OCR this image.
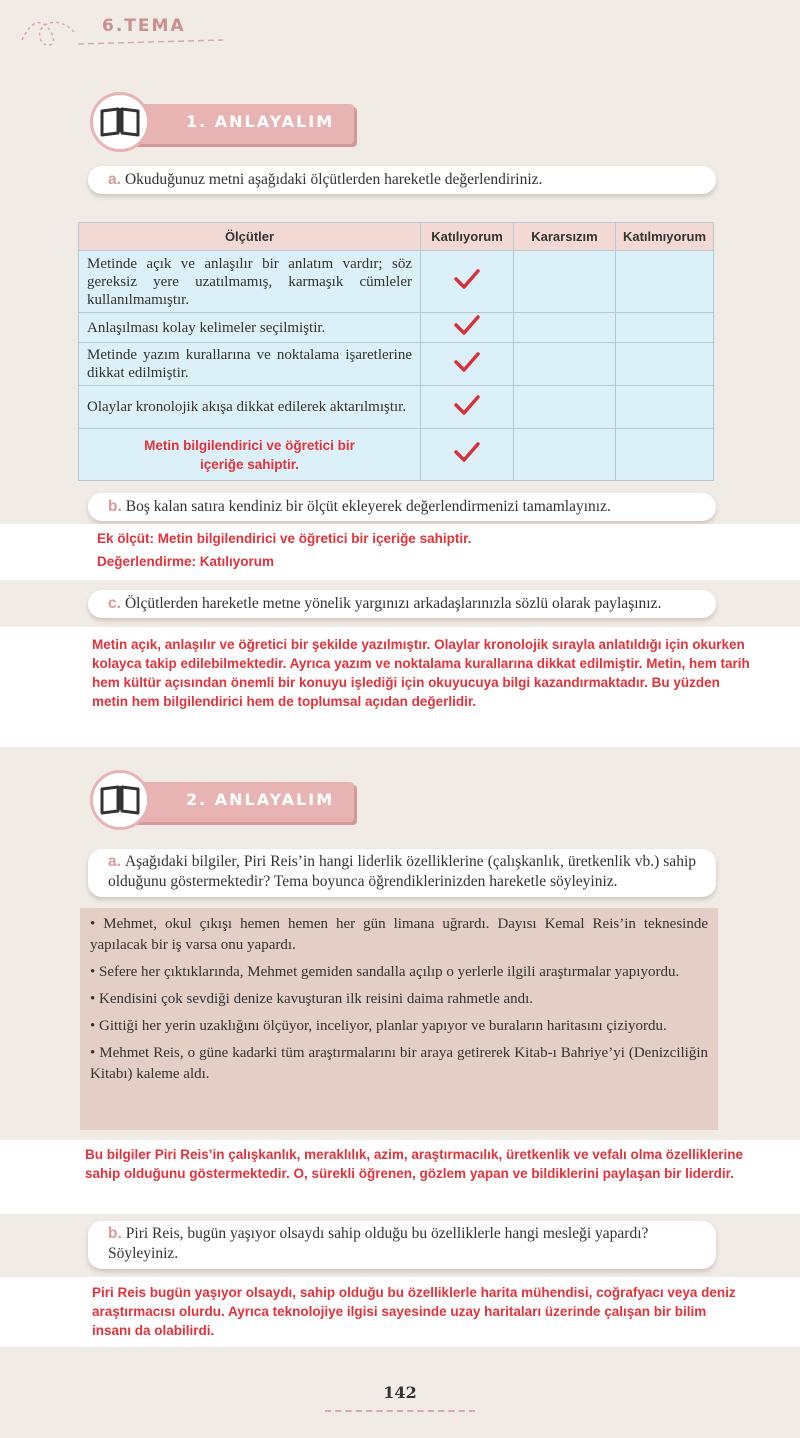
6.TEMA
1. ANLAYALIM
a. Okuduğunuz metni aşağıdaki ölçütlerden hareketle değerlendiriniz.
Ölçütler	Katılıyorum	Kararsızım	Katılmıyorum
Metinde açık ve anlaşılır bir anlatım vardır; söz gereksiz yere uzatılmamış, karmaşık cümleler kullanılmamıştır.			
Anlaşılması kolay kelimeler seçilmiştir.			
Metinde yazım kurallarına ve noktalama işaretlerine dikkat edilmiştir.			
Olaylar kronolojik akışa dikkat edilerek aktarılmıştır.			

Metin bilgilendirici ve öğretici bir içeriğe sahiptir.

b. Boş kalan satıra kendiniz bir ölçüt ekleyerek değerlendirmenizi tamamlayınız.
Ek ölçüt: Metin bilgilendirici ve öğretici bir içeriğe sahiptir.
Değerlendirme: Katılıyorum
c. Ölçütlerden hareketle metne yönelik yargınızı arkadaşlarınızla sözlü olarak paylaşınız.
Metin açık, anlaşılır ve öğretici bir şekilde yazılmıştır. Olaylar kronolojik sırayla anlatıldığı için okurken kolayca takip edilebilmektedir. Ayrıca yazım ve noktalama kurallarına dikkat edilmiştir. Metin, hem tarih hem kültür açısından önemli bir konuyu işlediği için okuyucuya bilgi kazandırmaktadır. Bu yüzden metin hem bilgilendirici hem de toplumsal açıdan değerlidir.
2. ANLAYALIM
a. Aşağıdaki bilgiler, Piri Reis’in hangi liderlik özelliklerine (çalışkanlık, üretkenlik vb.) sahip olduğunu göstermektedir? Tema boyunca öğrendiklerinizden hareketle söyleyiniz.

• Mehmet, okul çıkışı hemen hemen her gün limana uğrardı. Dayısı Kemal Reis’in teknesinde yapılacak bir iş varsa onu yapardı.

• Sefere her çıktıklarında, Mehmet gemiden sandalla açılıp o yerlerle ilgili araştırmalar yapıyordu.

• Kendisini çok sevdiği denize kavuşturan ilk reisini daima rahmetle andı.

• Gittiği her yerin uzaklığını ölçüyor, inceliyor, planlar yapıyor ve buraların haritasını çiziyordu.

• Mehmet Reis, o güne kadarki tüm araştırmalarını bir araya getirerek Kitab-ı Bahriye’yi (Denizciliğin Kitabı) kaleme aldı.

Bu bilgiler Piri Reis’in çalışkanlık, meraklılık, azim, araştırmacılık, üretkenlik ve vefalı olma özelliklerine sahip olduğunu göstermektedir. O, sürekli öğrenen, gözlem yapan ve bildiklerini paylaşan bir liderdir.
b. Piri Reis, bugün yaşıyor olsaydı sahip olduğu bu özelliklerle hangi mesleği yapardı? Söyleyiniz.
Piri Reis bugün yaşıyor olsaydı, sahip olduğu bu özelliklerle harita mühendisi, coğrafyacı veya deniz araştırmacısı olurdu. Ayrıca teknolojiye ilgisi sayesinde uzay haritaları üzerinde çalışan bir bilim insanı da olabilirdi.
142
